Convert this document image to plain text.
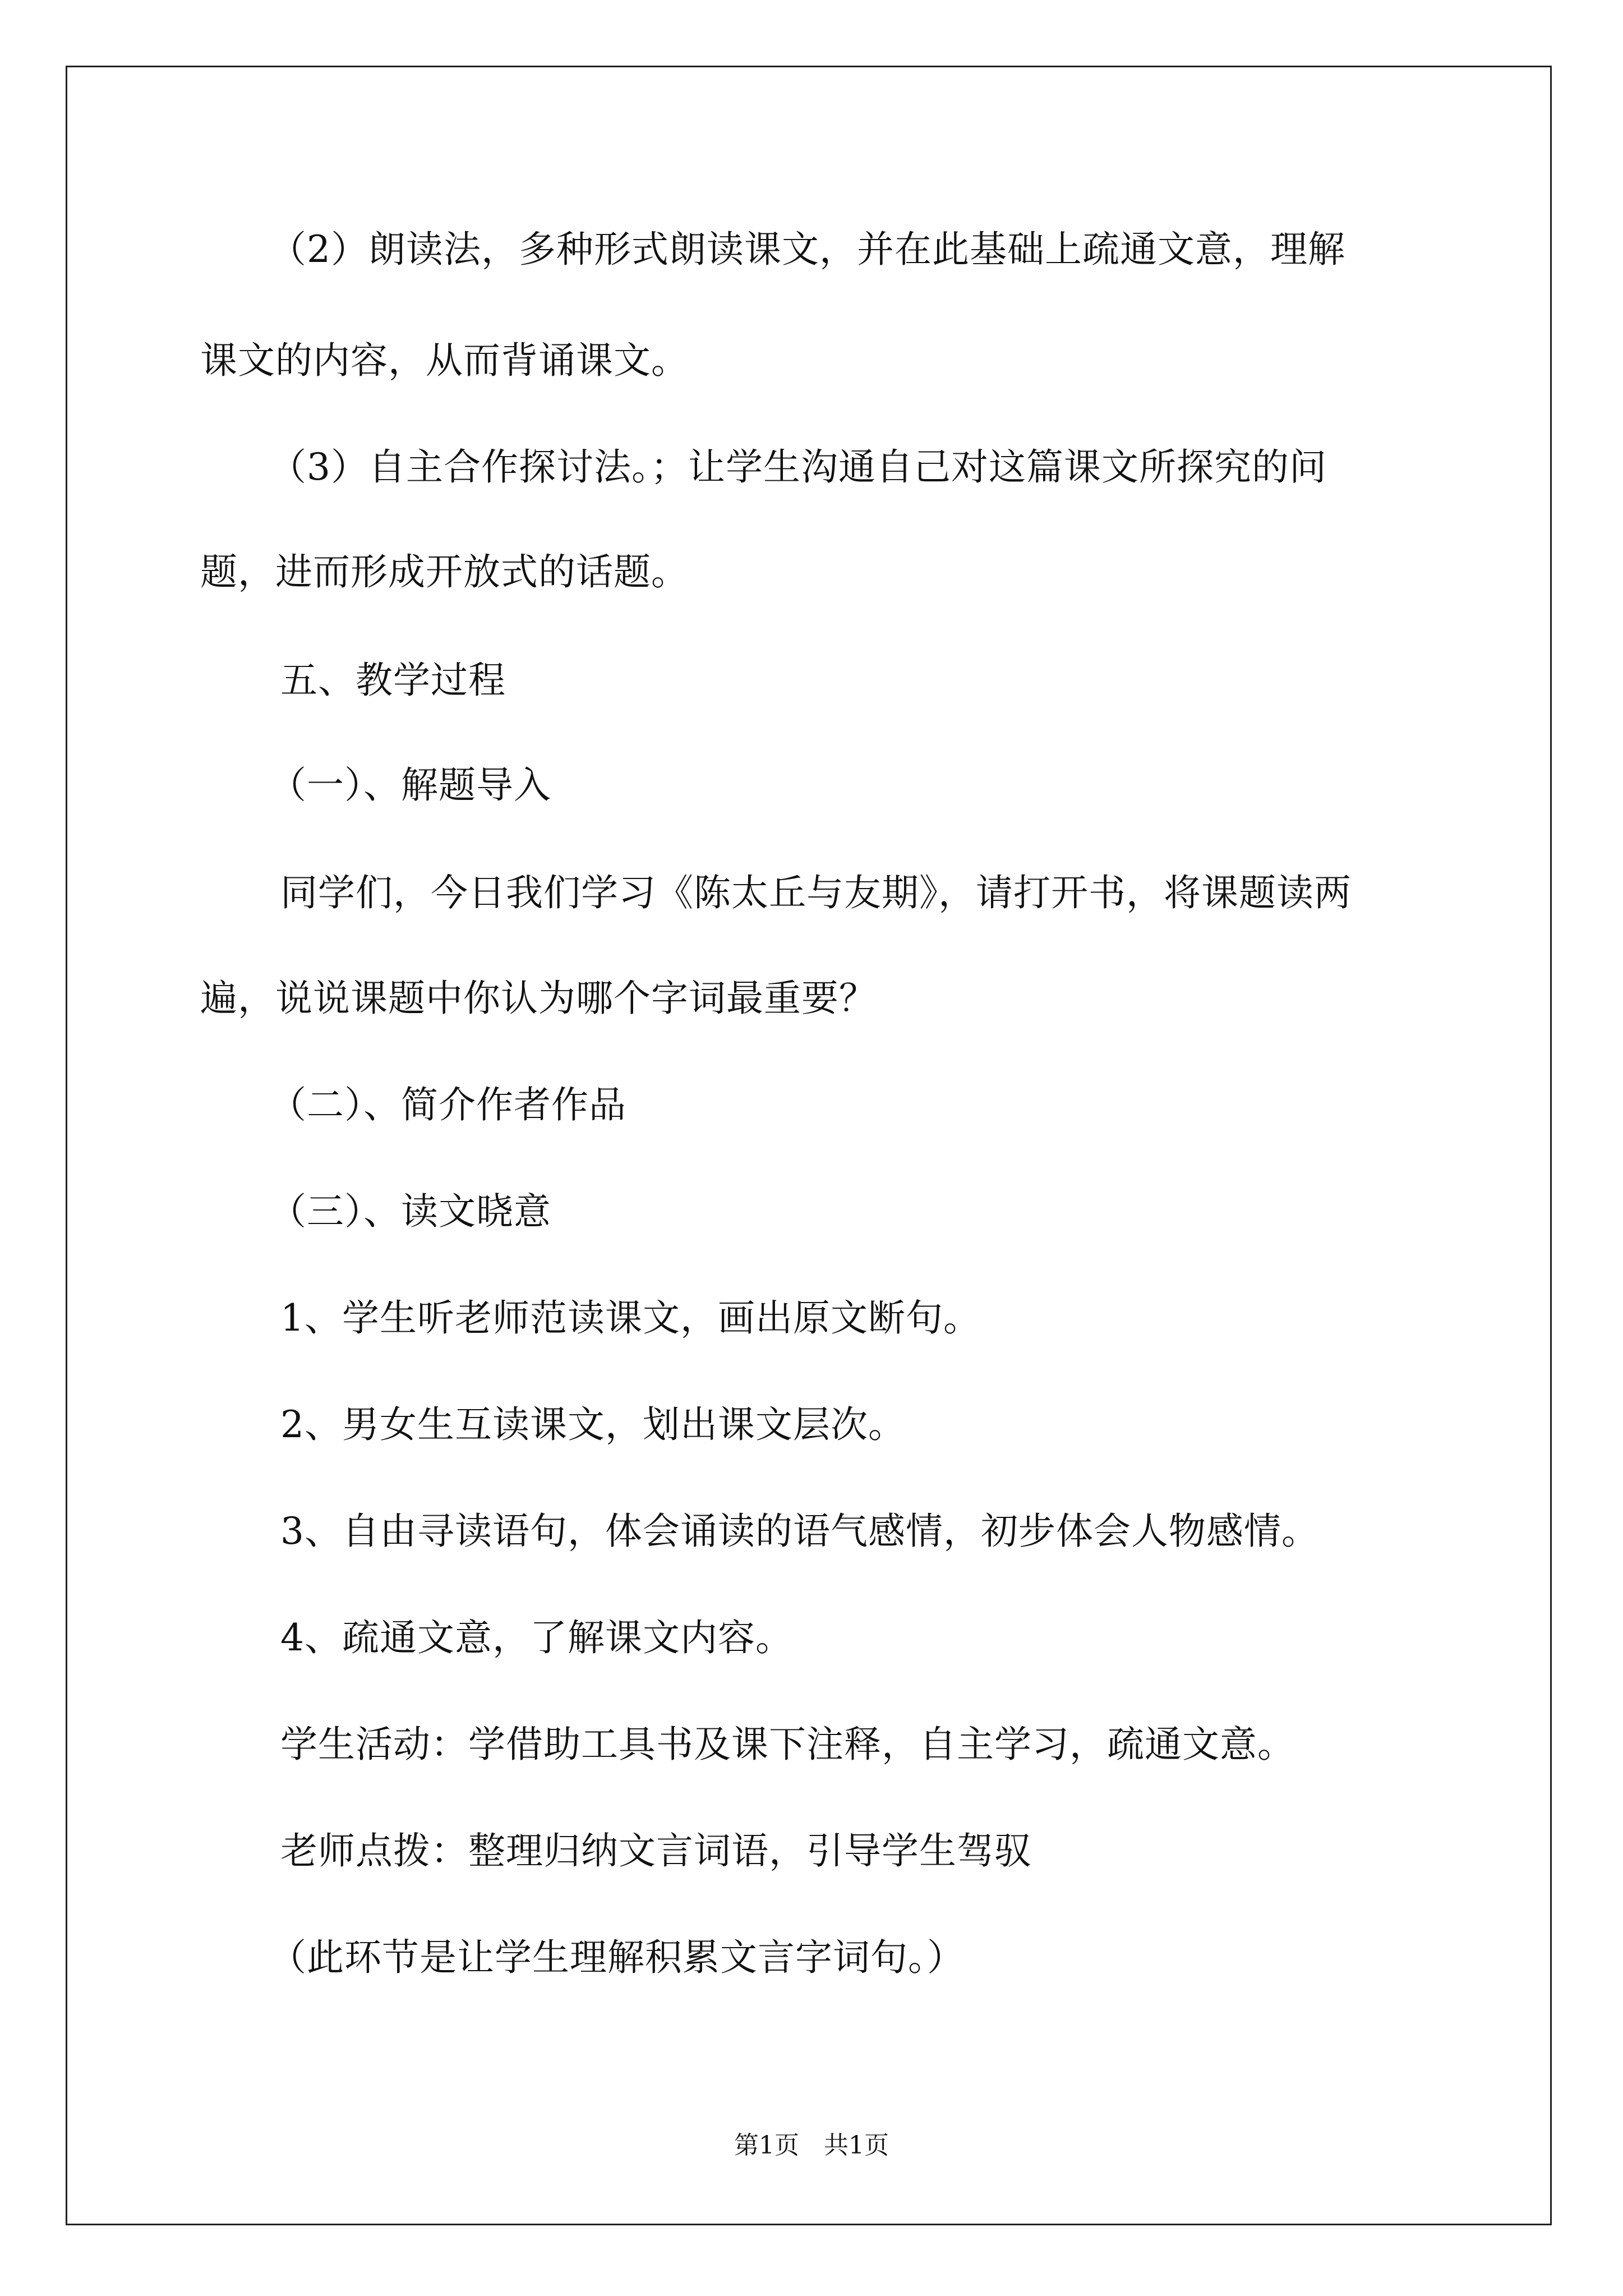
（2）朗读法，多种形式朗读课文，并在此基础上疏通文意，理解
课文的内容，从而背诵课文。
（3）自主合作探讨法。；让学生沟通自己对这篇课文所探究的问
题，进而形成开放式的话题。
五、教学过程
（一）、解题导入
同学们，今日我们学习《陈太丘与友期》，请打开书，将课题读两
遍，说说课题中你认为哪个字词最重要？
（二）、简介作者作品
（三）、读文晓意
1、学生听老师范读课文，画出原文断句。
2、男女生互读课文，划出课文层次。
3、自由寻读语句，体会诵读的语气感情，初步体会人物感情。
4、疏通文意，了解课文内容。
学生活动：学借助工具书及课下注释，自主学习，疏通文意。
老师点拨：整理归纳文言词语，引导学生驾驭
（此环节是让学生理解积累文言字词句。）
第1页　共1页
